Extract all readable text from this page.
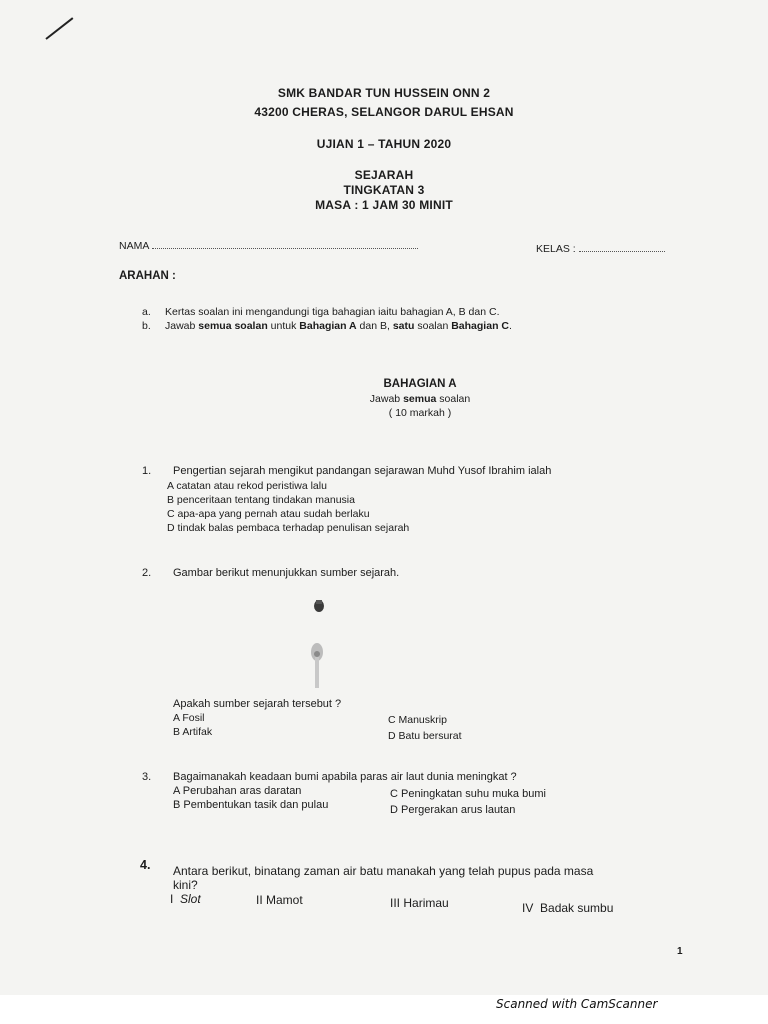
SMK BANDAR TUN HUSSEIN ONN 2
43200 CHERAS, SELANGOR DARUL EHSAN
UJIAN 1 – TAHUN 2020
SEJARAH
TINGKATAN 3
MASA : 1 JAM 30 MINIT
NAMA	KELAS :
ARAHAN :
a. Kertas soalan ini mengandungi tiga bahagian iaitu bahagian A, B dan C.
b. Jawab semua soalan untuk Bahagian A dan B, satu soalan Bahagian C.
BAHAGIAN A
Jawab semua soalan
( 10 markah )
1. Pengertian sejarah mengikut pandangan sejarawan Muhd Yusof Ibrahim ialah
A catatan atau rekod peristiwa lalu
B penceritaan tentang tindakan manusia
C apa-apa yang pernah atau sudah berlaku
D tindak balas pembaca terhadap penulisan sejarah
2. Gambar berikut menunjukkan sumber sejarah.
Apakah sumber sejarah tersebut ?
A Fosil
B Artifak
C Manuskrip
D Batu bersurat
3. Bagaimanakah keadaan bumi apabila paras air laut dunia meningkat ?
A Perubahan aras daratan
B Pembentukan tasik dan pulau
C Peningkatan suhu muka bumi
D Pergerakan arus lautan
4. Antara berikut, binatang zaman air batu manakah yang telah pupus pada masa
kini?
I Slot	II Mamot	III Harimau	IV Badak sumbu
1
Scanned with CamScanner
